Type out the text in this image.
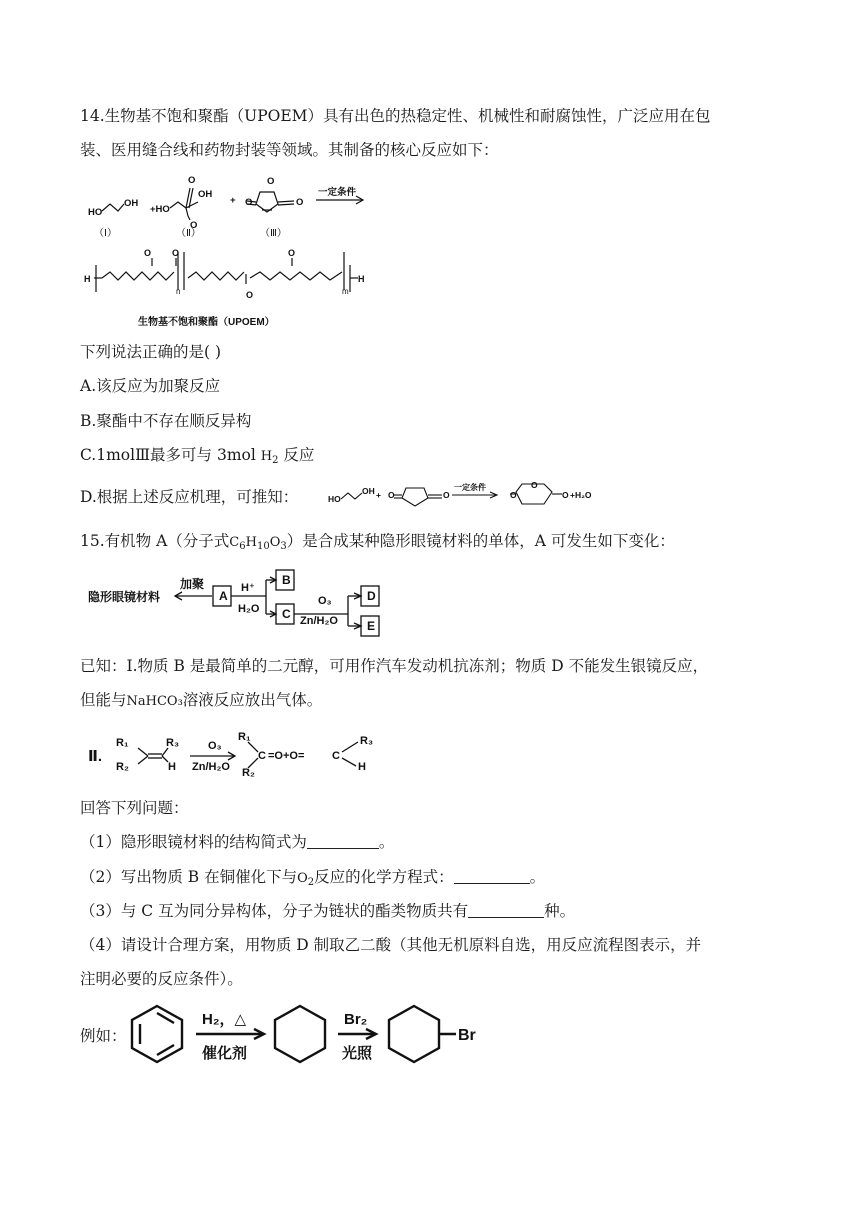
14.生物基不饱和聚酯（UPOEM）具有出色的热稳定性、机械性和耐腐蚀性，广泛应用在包
装、医用缝合线和药物封装等领域。其制备的核心反应如下：
HO
OH
+HO
O
OH
O
+ O
O
O
一定条件
（Ⅰ）	（Ⅱ）	（Ⅲ）
H	H
O O	O
O
n	m
生物基不饱和聚酯（UPOEM）
下列说法正确的是( )
A.该反应为加聚反应
B.聚酯中不存在顺反异构
C.1molⅢ最多可与 3mol $H_2$ 反应
D.根据上述反应机理，可推知：	HO
OH + O	O	O
O
O
一定条件
+H₂O
15.有机物 A（分子式$C_6H_{10}O_3$）是合成某种隐形眼镜材料的单体，A 可发生如下变化：
隐形眼镜材料
加聚
A
H⁺
H₂O
B
C
O₃
Zn/H₂O
D
E
已知：I.物质 B 是最简单的二元醇，可用作汽车发动机抗冻剂；物质 D 不能发生银镜反应，
但能与NaHCO₃溶液反应放出气体。
Ⅱ.
R₁
R₂
R₃
H
O₃
Zn/H₂O
R₁
R₂
C =O+O=	C
R₃
H
回答下列问题：
（1）隐形眼镜材料的结构简式为	。
（2）写出物质 B 在铜催化下与$O_2$反应的化学方程式：	。
（3）与 C 互为同分异构体，分子为链状的酯类物质共有	种。
（4）请设计合理方案，用物质 D 制取乙二酸（其他无机原料自选，用反应流程图表示，并
注明必要的反应条件）。
例如：
H₂，△
催化剂
Br₂
光照
Br
